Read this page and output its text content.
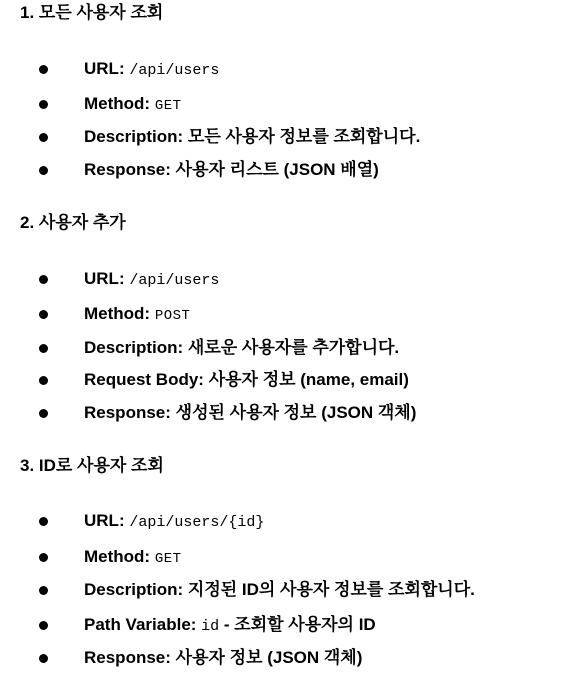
1. 모든 사용자 조회
URL: /api/users
Method: GET
Description: 모든 사용자 정보를 조회합니다.
Response: 사용자 리스트 (JSON 배열)
2. 사용자 추가
URL: /api/users
Method: POST
Description: 새로운 사용자를 추가합니다.
Request Body: 사용자 정보 (name, email)
Response: 생성된 사용자 정보 (JSON 객체)
3. ID로 사용자 조회
URL: /api/users/{id}
Method: GET
Description: 지정된 ID의 사용자 정보를 조회합니다.
Path Variable: id - 조회할 사용자의 ID
Response: 사용자 정보 (JSON 객체)
